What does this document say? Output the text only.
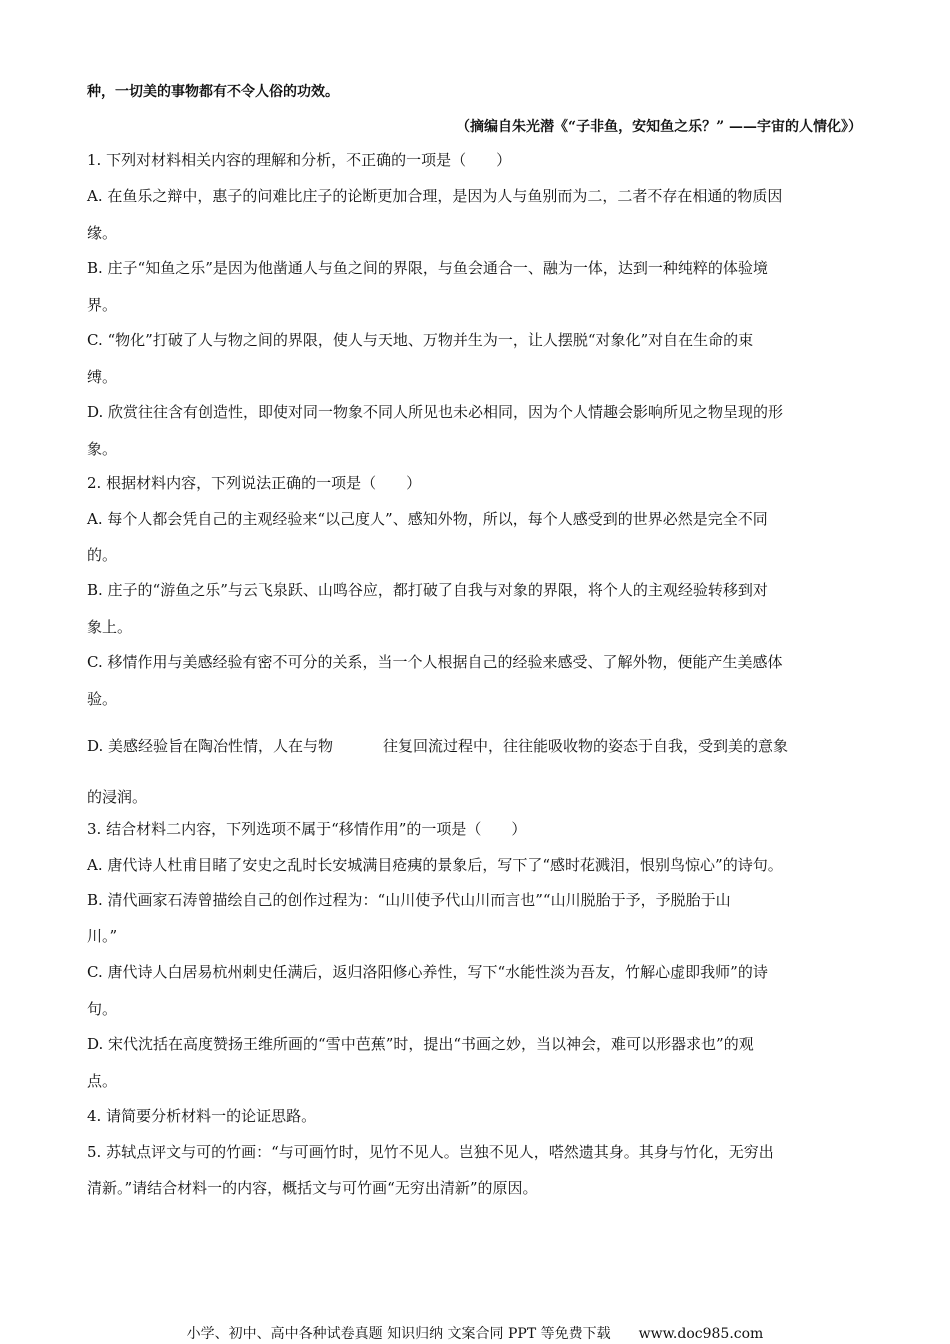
种，一切美的事物都有不令人俗的功效。
（摘编自朱光潜《“子非鱼，安知鱼之乐？” ——宇宙的人情化》）
1. 下列对材料相关内容的理解和分析，不正确的一项是（　　）
A. 在鱼乐之辩中，惠子的问难比庄子的论断更加合理，是因为人与鱼别而为二，二者不存在相通的物质因
缘。
B. 庄子“知鱼之乐”是因为他凿通人与鱼之间的界限，与鱼会通合一、融为一体，达到一种纯粹的体验境
界。
C. “物化”打破了人与物之间的界限，使人与天地、万物并生为一，让人摆脱“对象化”对自在生命的束
缚。
D. 欣赏往往含有创造性，即使对同一物象不同人所见也未必相同，因为个人情趣会影响所见之物呈现的形
象。
2. 根据材料内容，下列说法正确的一项是（　　）
A. 每个人都会凭自己的主观经验来“以己度人”、感知外物，所以，每个人感受到的世界必然是完全不同
的。
B. 庄子的“游鱼之乐”与云飞泉跃、山鸣谷应，都打破了自我与对象的界限，将个人的主观经验转移到对
象上。
C. 移情作用与美感经验有密不可分的关系，当一个人根据自己的经验来感受、了解外物，便能产生美感体
验。
D. 美感经验旨在陶冶性情，人在与物	往复回流过程中，往往能吸收物的姿态于自我，受到美的意象
的浸润。
3. 结合材料二内容，下列选项不属于“移情作用”的一项是（　　）
A. 唐代诗人杜甫目睹了安史之乱时长安城满目疮痍的景象后，写下了“感时花溅泪，恨别鸟惊心”的诗句。
B. 清代画家石涛曾描绘自己的创作过程为：“山川使予代山川而言也”“山川脱胎于予，予脱胎于山
川。”
C. 唐代诗人白居易杭州刺史任满后，返归洛阳修心养性，写下“水能性淡为吾友，竹解心虚即我师”的诗
句。
D. 宋代沈括在高度赞扬王维所画的“雪中芭蕉”时，提出“书画之妙，当以神会，难可以形器求也”的观
点。
4. 请简要分析材料一的论证思路。
5. 苏轼点评文与可的竹画：“与可画竹时，见竹不见人。岂独不见人，嗒然遗其身。其身与竹化，无穷出
清新。”请结合材料一的内容，概括文与可竹画“无穷出清新”的原因。
小学、初中、高中各种试卷真题 知识归纳 文案合同 PPT 等免费下载　　www.doc985.com
